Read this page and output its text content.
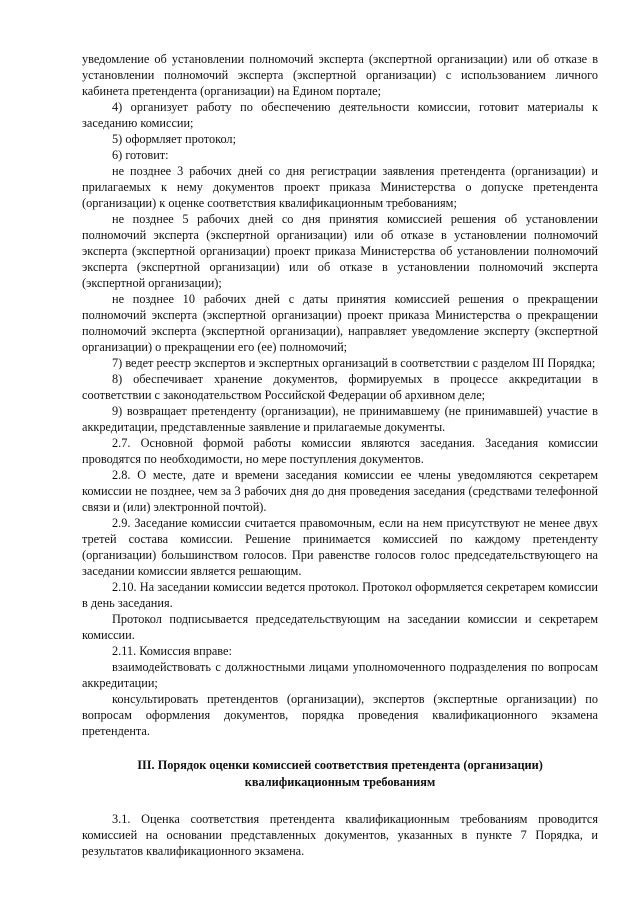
уведомление об установлении полномочий эксперта (экспертной организации) или об отказе в установлении полномочий эксперта (экспертной организации) с использованием личного кабинета претендента (организации) на Едином портале;

4) организует работу по обеспечению деятельности комиссии, готовит материалы к заседанию комиссии;

5) оформляет протокол;

6) готовит:

не позднее 3 рабочих дней со дня регистрации заявления претендента (организации) и прилагаемых к нему документов проект приказа Министерства о допуске претендента (организации) к оценке соответствия квалификационным требованиям;

не позднее 5 рабочих дней со дня принятия комиссией решения об установлении полномочий эксперта (экспертной организации) или об отказе в установлении полномочий эксперта (экспертной организации) проект приказа Министерства об установлении полномочий эксперта (экспертной организации) или об отказе в установлении полномочий эксперта (экспертной организации);

не позднее 10 рабочих дней с даты принятия комиссией решения о прекращении полномочий эксперта (экспертной организации) проект приказа Министерства о прекращении полномочий эксперта (экспертной организации), направляет уведомление эксперту (экспертной организации) о прекращении его (ее) полномочий;

7) ведет реестр экспертов и экспертных организаций в соответствии с разделом III Порядка;

8) обеспечивает хранение документов, формируемых в процессе аккредитации в соответствии с законодательством Российской Федерации об архивном деле;

9) возвращает претенденту (организации), не принимавшему (не принимавшей) участие в аккредитации, представленные заявление и прилагаемые документы.

2.7. Основной формой работы комиссии являются заседания. Заседания комиссии проводятся по необходимости, но мере поступления документов.

2.8. О месте, дате и времени заседания комиссии ее члены уведомляются секретарем комиссии не позднее, чем за 3 рабочих дня до дня проведения заседания (средствами телефонной связи и (или) электронной почтой).

2.9. Заседание комиссии считается правомочным, если на нем присутствуют не менее двух третей состава комиссии. Решение принимается комиссией по каждому претенденту (организации) большинством голосов. При равенстве голосов голос председательствующего на заседании комиссии является решающим.

2.10. На заседании комиссии ведется протокол. Протокол оформляется секретарем комиссии в день заседания.

Протокол подписывается председательствующим на заседании комиссии и секретарем комиссии.

2.11. Комиссия вправе:

взаимодействовать с должностными лицами уполномоченного подразделения по вопросам аккредитации;

консультировать претендентов (организации), экспертов (экспертные организации) по вопросам оформления документов, порядка проведения квалификационного экзамена претендента.

III. Порядок оценки комиссией соответствия претендента (организации)
квалификационным требованиям

3.1. Оценка соответствия претендента квалификационным требованиям проводится комиссией на основании представленных документов, указанных в пункте 7 Порядка, и результатов квалификационного экзамена.
